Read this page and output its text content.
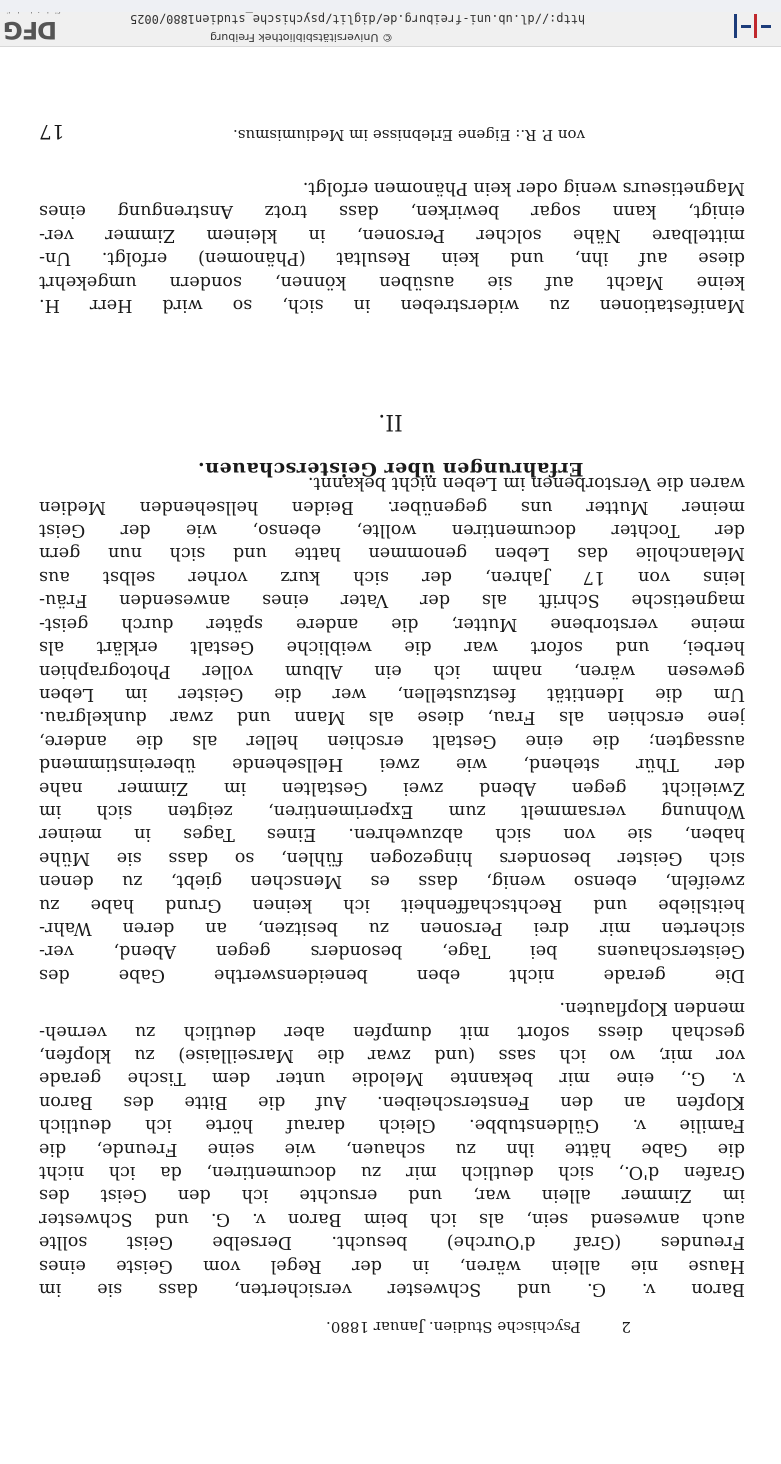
von P. R.: Eigene Erlebnisse im Mediumismus.
17
Manifestationen zu widerstreben in sich, so wird Herr H.
keine Macht auf sie ausüben können, sondern umgekehrt
diese auf ihn, und kein Resultat (Phänomen) erfolgt. Un-
mittelbare Nähe solcher Personen, in kleinem Zimmer ver-
einigt, kann sogar bewirken, dass trotz Anstrengung eines
Magnetiseurs wenig oder kein Phänomen erfolgt.
II.
Erfahrungen über Geisterschauen.
Die gerade nicht eben beneidenswerthe Gabe des
Geisterschauens bei Tage, besonders gegen Abend, ver-
sicherten mir drei Personen zu besitzen, an deren Wahr-
heitsliebe und Rechtschaffenheit ich keinen Grund habe zu
zweifeln, ebenso wenig, dass es Menschen giebt, zu denen
sich Geister besonders hingezogen fühlen, so dass sie Mühe
haben, sie von sich abzuwehren. Eines Tages in meiner
Wohnung versammelt zum Experimentiren, zeigten sich im
Zwielicht gegen Abend zwei Gestalten im Zimmer nahe
der Thür stehend, wie zwei Hellsehende übereinstimmend
aussagten; die eine Gestalt erschien heller als die andere,
jene erschien als Frau, diese als Mann und zwar dunkelgrau.
Um die Identität festzustellen, wer die Geister im Leben
gewesen wären, nahm ich ein Album voller Photographien
herbei, und sofort war die weibliche Gestalt erklärt als
meine verstorbene Mutter, die andere später durch geist-
magnetische Schrift als der Vater eines anwesenden Fräu-
leins von 17 Jahren, der sich kurz vorher selbst aus
Melancholie das Leben genommen hatte und sich nun gern
der Tochter documentiren wollte, ebenso, wie der Geist
meiner Mutter uns gegenüber. Beiden hellsehenden Medien
waren die Verstorbenen im Leben nicht bekannt.
Baron v. G. und Schwester versicherten, dass sie im
Hause nie allein wären, in der Regel vom Geiste eines
Freundes (Graf d'Ourche) besucht. Derselbe Geist sollte
auch anwesend sein, als ich beim Baron v. G. und Schwester
im Zimmer allein war, und ersuchte ich den Geist des
Grafen d'O., sich deutlich mir zu documentiren, da ich nicht
die Gabe hätte ihn zu schauen, wie seine Freunde, die
Familie v. Güldenstubbe. Gleich darauf hörte ich deutlich
Klopfen an den Fensterscheiben. Auf die Bitte des Baron
v. G., eine mir bekannte Melodie unter dem Tische gerade
vor mir, wo ich sass (und zwar die Marseillaise) zu klopfen,
geschah diess sofort mit dumpfen aber deutlich zu verneh-
menden Klopflauten.
Psychische Studien. Januar 1880.	2
DFG	http://dl.ub.uni-freiburg.de/diglit/psychische_studien1880/0025
© Universitätsbibliothek Freiburg
